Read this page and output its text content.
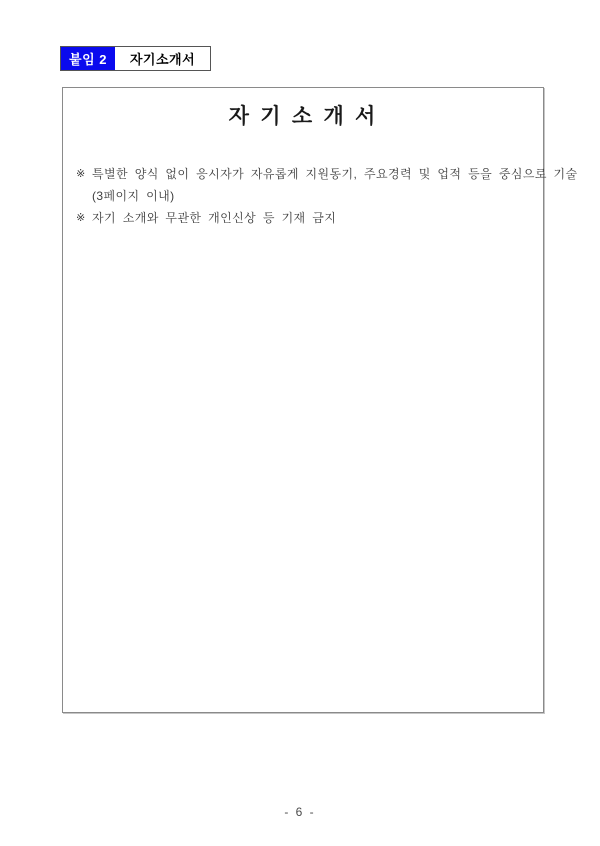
붙임 2	자기소개서
자 기 소 개 서
※ 특별한 양식 없이 응시자가 자유롭게 지원동기, 주요경력 및 업적 등을 중심으로 기술
(3페이지 이내)
※ 자기 소개와 무관한 개인신상 등 기재 금지
- 6 -
